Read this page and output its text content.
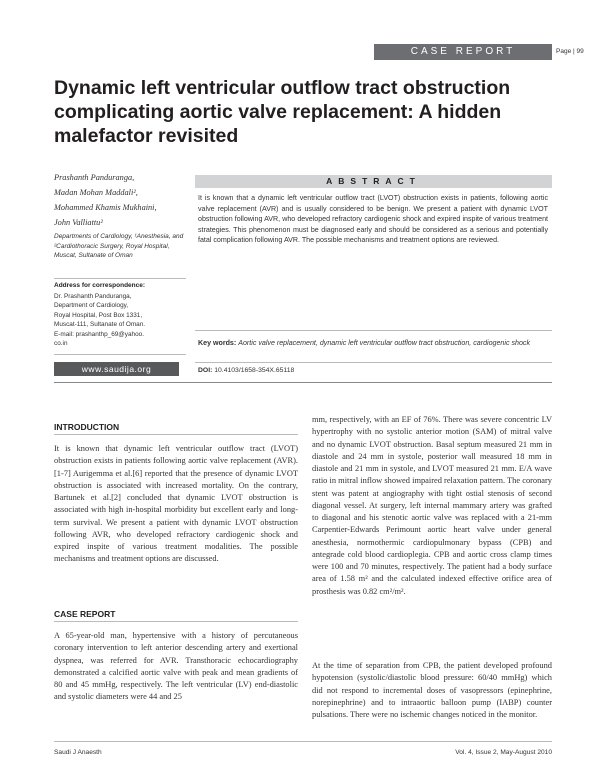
CASE REPORT	Page | 99
Dynamic left ventricular outflow tract obstruction complicating aortic valve replacement: A hidden malefactor revisited
Prashanth Panduranga,
Madan Mohan Maddali²,
Mohammed Khamis Mukhaini,
John Valliattu²
Departments of Cardiology, ¹Anesthesia, and ²Cardiothoracic Surgery, Royal Hospital, Muscat, Sultanate of Oman
Address for correspondence:
Dr. Prashanth Panduranga,
Department of Cardiology,
Royal Hospital, Post Box 1331,
Muscat-111, Sultanate of Oman.
E-mail: prashanthp_69@yahoo.
co.in
www.saudija.org
ABSTRACT
It is known that a dynamic left ventricular outflow tract (LVOT) obstruction exists in patients, following aortic valve replacement (AVR) and is usually considered to be benign. We present a patient with dynamic LVOT obstruction following AVR, who developed refractory cardiogenic shock and expired inspite of various treatment strategies. This phenomenon must be diagnosed early and should be considered as a serious and potentially fatal complication following AVR. The possible mechanisms and treatment options are reviewed.
Key words: Aortic valve replacement, dynamic left ventricular outflow tract obstruction, cardiogenic shock
DOI: 10.4103/1658-354X.65118
INTRODUCTION
It is known that dynamic left ventricular outflow tract (LVOT) obstruction exists in patients following aortic valve replacement (AVR).[1-7] Aurigemma et al.[6] reported that the presence of dynamic LVOT obstruction is associated with increased mortality. On the contrary, Bartunek et al.[2] concluded that dynamic LVOT obstruction is associated with high in-hospital morbidity but excellent early and long-term survival. We present a patient with dynamic LVOT obstruction following AVR, who developed refractory cardiogenic shock and expired inspite of various treatment modalities. The possible mechanisms and treatment options are discussed.
CASE REPORT
A 65-year-old man, hypertensive with a history of percutaneous coronary intervention to left anterior descending artery and exertional dyspnea, was referred for AVR. Transthoracic echocardiography demonstrated a calcified aortic valve with peak and mean gradients of 80 and 45 mmHg, respectively. The left ventricular (LV) end-diastolic and systolic diameters were 44 and 25
mm, respectively, with an EF of 76%. There was severe concentric LV hypertrophy with no systolic anterior motion (SAM) of mitral valve and no dynamic LVOT obstruction. Basal septum measured 21 mm in diastole and 24 mm in systole, posterior wall measured 18 mm in diastole and 21 mm in systole, and LVOT measured 21 mm. E/A wave ratio in mitral inflow showed impaired relaxation pattern. The coronary stent was patent at angiography with tight ostial stenosis of second diagonal vessel. At surgery, left internal mammary artery was grafted to diagonal and his stenotic aortic valve was replaced with a 21-mm Carpentier-Edwards Perimount aortic heart valve under general anesthesia, normothermic cardiopulmonary bypass (CPB) and antegrade cold blood cardioplegia. CPB and aortic cross clamp times were 100 and 70 minutes, respectively. The patient had a body surface area of 1.58 m² and the calculated indexed effective orifice area of prosthesis was 0.82 cm²/m².
At the time of separation from CPB, the patient developed profound hypotension (systolic/diastolic blood pressure: 60/40 mmHg) which did not respond to incremental doses of vasopressors (epinephrine, norepinephrine) and to intraaortic balloon pump (IABP) counter pulsations. There were no ischemic changes noticed in the monitor.
Saudi J Anaesth	Vol. 4, Issue 2, May-August 2010
